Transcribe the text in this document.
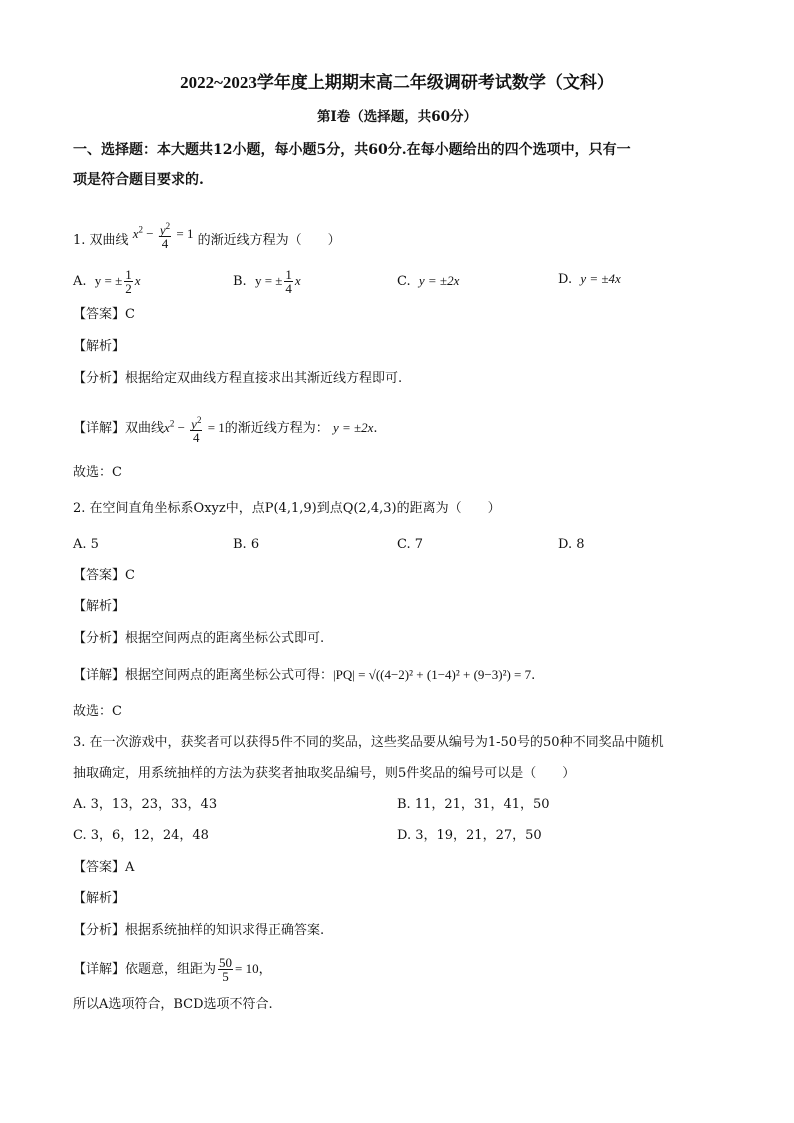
2022~2023学年度上期期末高二年级调研考试数学（文科）
第Ⅰ卷（选择题，共60分）
一、选择题：本大题共12小题，每小题5分，共60分.在每小题给出的四个选项中，只有一
项是符合题目要求的.
1. 双曲线 $x^2 - \frac{y^2}{4} = 1$ 的渐近线方程为（　　）
A. y = ± $\frac{1}{2}$ x	B. y = ± $\frac{1}{4}$ x	C. y = ±2x	D. y = ±4x
【答案】C
【解析】
【分析】根据给定双曲线方程直接求出其渐近线方程即可.
【详解】双曲线$x^2 - \frac{y^2}{4} = 1$的渐近线方程为： y = ±2x.
故选：C
2. 在空间直角坐标系Oxyz中，点P(4,1,9)到点Q(2,4,3)的距离为（　　）
A. 5	B. 6	C. 7	D. 8
【答案】C
【解析】
【分析】根据空间两点的距离坐标公式即可.
【详解】根据空间两点的距离坐标公式可得：|PQ| = √((4−2)² + (1−4)² + (9−3)²) = 7.
故选：C
3. 在一次游戏中，获奖者可以获得5件不同的奖品，这些奖品要从编号为1-50号的50种不同奖品中随机
抽取确定，用系统抽样的方法为获奖者抽取奖品编号，则5件奖品的编号可以是（　　）
A. 3，13，23，33，43	B. 11，21，31，41，50
C. 3，6，12，24，48	D. 3，19，21，27，50
【答案】A
【解析】
【分析】根据系统抽样的知识求得正确答案.
【详解】依题意，组距为 $\frac{50}{5} = 10$，
所以A选项符合，BCD选项不符合.
